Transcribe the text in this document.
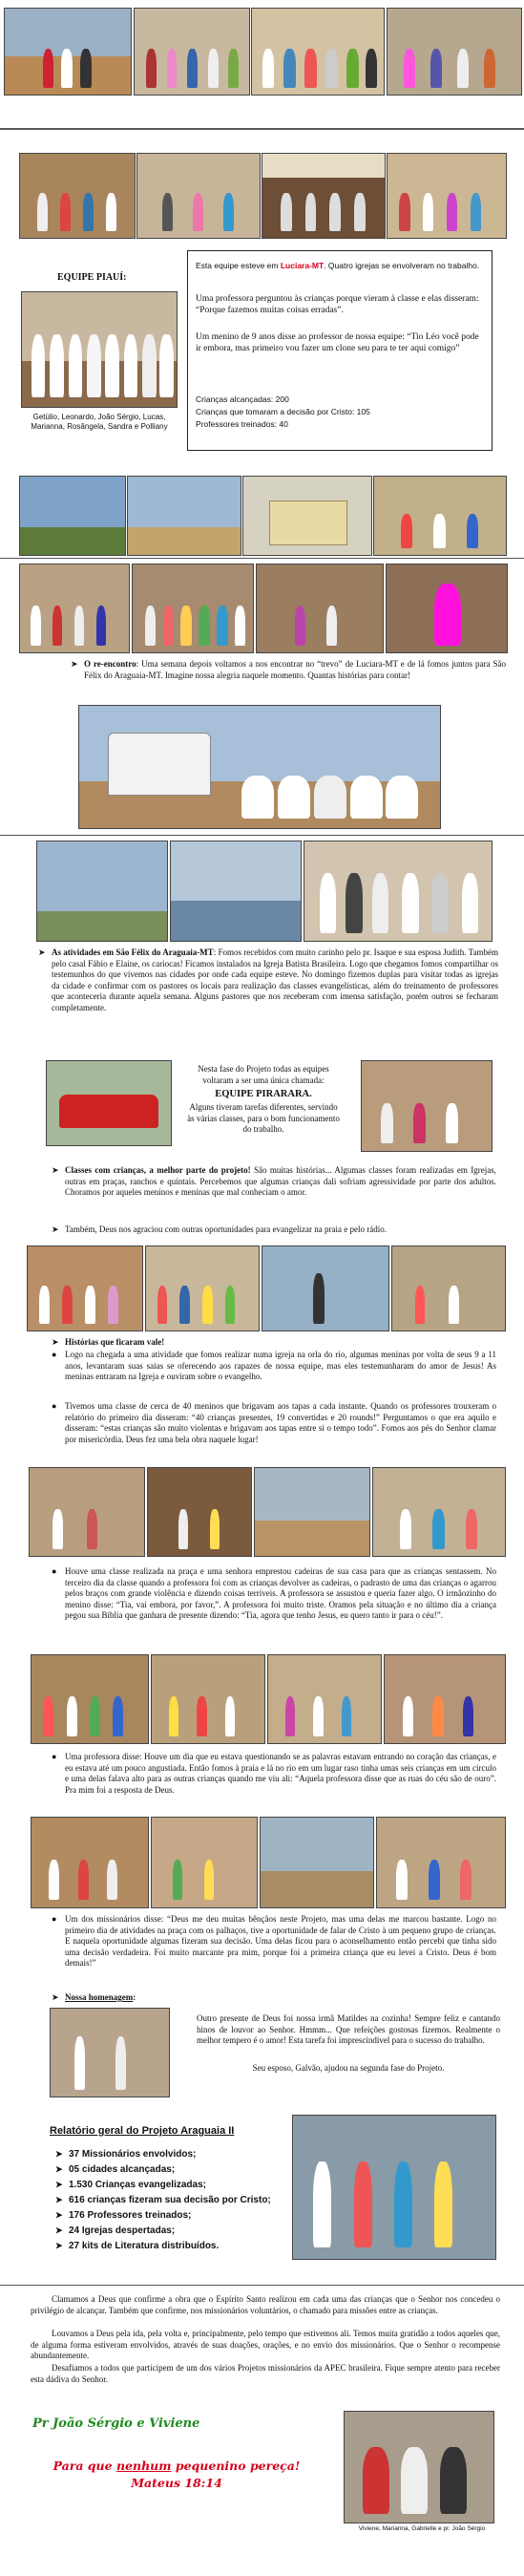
EQUIPE PIAUÍ:
Getúlio, Leonardo, João Sérgio, Lucas, Marianna, Rosângela, Sandra e Polliany
Esta equipe esteve em Luciara-MT. Quatro igrejas se envolveram no trabalho.
Uma professora perguntou às crianças porque vieram à classe e elas disseram: “Porque fazemos muitas coisas erradas”.
Um menino de 9 anos disse ao professor de nossa equipe: “Tio Léo você pode ir embora, mas primeiro vou fazer um clone seu para te ter aqui comigo”
Crianças alcançadas: 200
Crianças que tomaram a decisão por Cristo: 105
Professores treinados: 40
➤ O re-encontro: Uma semana depois voltamos a nos encontrar no “trevo” de Luciara-MT e de lá fomos juntos para São Félix do Araguaia-MT. Imagine nossa alegria naquele momento. Quantas histórias para contar!
➤ As atividades em São Félix do Araguaia-MT: Fomos recebidos com muito carinho pelo pr. Isaque e sua esposa Judith. Também pelo casal Fábio e Elaine, os cariocas! Ficamos instalados na Igreja Batista Brasileira. Logo que chegamos fomos compartilhar os testemunhos do que vivemos nas cidades por onde cada equipe esteve. No domingo fizemos duplas para visitar todas as igrejas da cidade e confirmar com os pastores os locais para realização das classes evangelísticas, além do treinamento de professores que aconteceria durante aquela semana. Alguns pastores que nos receberam com imensa satisfação, porém outros se fecharam completamente.
Nesta fase do Projeto todas as equipes voltaram a ser uma única chamada:
EQUIPE PIRARARA.
Alguns tiveram tarefas diferentes, servindo às várias classes, para o bom funcionamento do trabalho.
➤ Classes com crianças, a melhor parte do projeto! São muitas histórias... Algumas classes foram realizadas em Igrejas, outras em praças, ranchos e quintais. Percebemos que algumas crianças dali sofriam agressividade por parte dos adultos. Choramos por aqueles meninos e meninas que mal conheciam o amor.
➤ Também, Deus nos agraciou com outras oportunidades para evangelizar na praia e pelo rádio.
➤ Histórias que ficaram vale!
● Logo na chegada a uma atividade que fomos realizar numa igreja na orla do rio, algumas meninas por volta de seus 9 a 11 anos, levantaram suas saias se oferecendo aos rapazes de nossa equipe, mas eles testemunharam do amor de Jesus! As meninas entraram na Igreja e ouviram sobre o evangelho.
● Tivemos uma classe de cerca de 40 meninos que brigavam aos tapas a cada instante. Quando os professores trouxeram o relatório do primeiro dia disseram: “40 crianças presentes, 19 convertidas e 20 rounds!” Perguntamos o que era aquilo e disseram: “estas crianças são muito violentas e brigavam aos tapas entre si o tempo todo”. Fomos aos pés do Senhor clamar por misericórdia. Deus fez uma bela obra naquele lugar!
● Houve uma classe realizada na praça e uma senhora emprestou cadeiras de sua casa para que as crianças sentassem. No terceiro dia da classe quando a professora foi com as crianças devolver as cadeiras, o padrasto de uma das crianças o agarrou pelos braços com grande violência e dizendo coisas terríveis. A professora se assustou e queria fazer algo. O irmãozinho do menino disse: “Tia, vai embora, por favor,”. A professora foi muito triste. Oramos pela situação e no último dia a criança pegou sua Bíblia que ganhara de presente dizendo: “Tia, agora que tenho Jesus, eu quero tanto ir para o céu!”.
● Uma professora disse: Houve um dia que eu estava questionando se as palavras estavam entrando no coração das crianças, e eu estava até um pouco angustiada. Então fomos à praia e lá no rio em um lugar raso tinha umas seis crianças em um círculo e uma delas falava alto para as outras crianças quando me viu ali: “Aquela professora disse que as ruas do céu são de ouro”. Pra mim foi a resposta de Deus.
● Um dos missionários disse: “Deus me deu muitas bênçãos neste Projeto, mas uma delas me marcou bastante. Logo no primeiro dia de atividades na praça com os palhaços, tive a oportunidade de falar de Cristo à um pequeno grupo de crianças. E naquela oportunidade algumas fizeram sua decisão. Uma delas ficou para o aconselhamento então percebi que tinha sido uma decisão verdadeira. Foi muito marcante pra mim, porque foi a primeira criança que eu levei a Cristo. Deus é bom demais!”
➤ Nossa homenagem:
Outro presente de Deus foi nossa irmã Matildes na cozinha! Sempre feliz e cantando hinos de louvor ao Senhor. Hmmm... Que refeições gostosas fizemos. Realmente o melhor tempero é o amor! Esta tarefa foi imprescindível para o sucesso do trabalho.
Seu esposo, Galvão, ajudou na segunda fase do Projeto.
Relatório geral do Projeto Araguaia II
➤ 37 Missionários envolvidos;
➤ 05 cidades alcançadas;
➤ 1.530 Crianças evangelizadas;
➤ 616 crianças fizeram sua decisão por Cristo;
➤ 176 Professores treinados;
➤ 24 Igrejas despertadas;
➤ 27 kits de Literatura distribuídos.
Clamamos a Deus que confirme a obra que o Espírito Santo realizou em cada uma das crianças que o Senhor nos concedeu o privilégio de alcançar. Também que confirme, nos missionários voluntários, o chamado para missões entre as crianças.
Louvamos a Deus pela ida, pela volta e, principalmente, pelo tempo que estivemos ali. Temos muita gratidão a todos aqueles que, de alguma forma estiveram envolvidos, através de suas doações, orações, e no envio dos missionários. Que o Senhor o recompense abundantemente.
Desafiamos a todos que participem de um dos vários Projetos missionários da APEC brasileira. Fique sempre atento para receber esta dádiva do Senhor.
Pr João Sérgio e Viviene
Para que nenhum pequenino pereça!
Mateus 18:14
Viviene, Marianna, Gabrielle e pr. João Sérgio
